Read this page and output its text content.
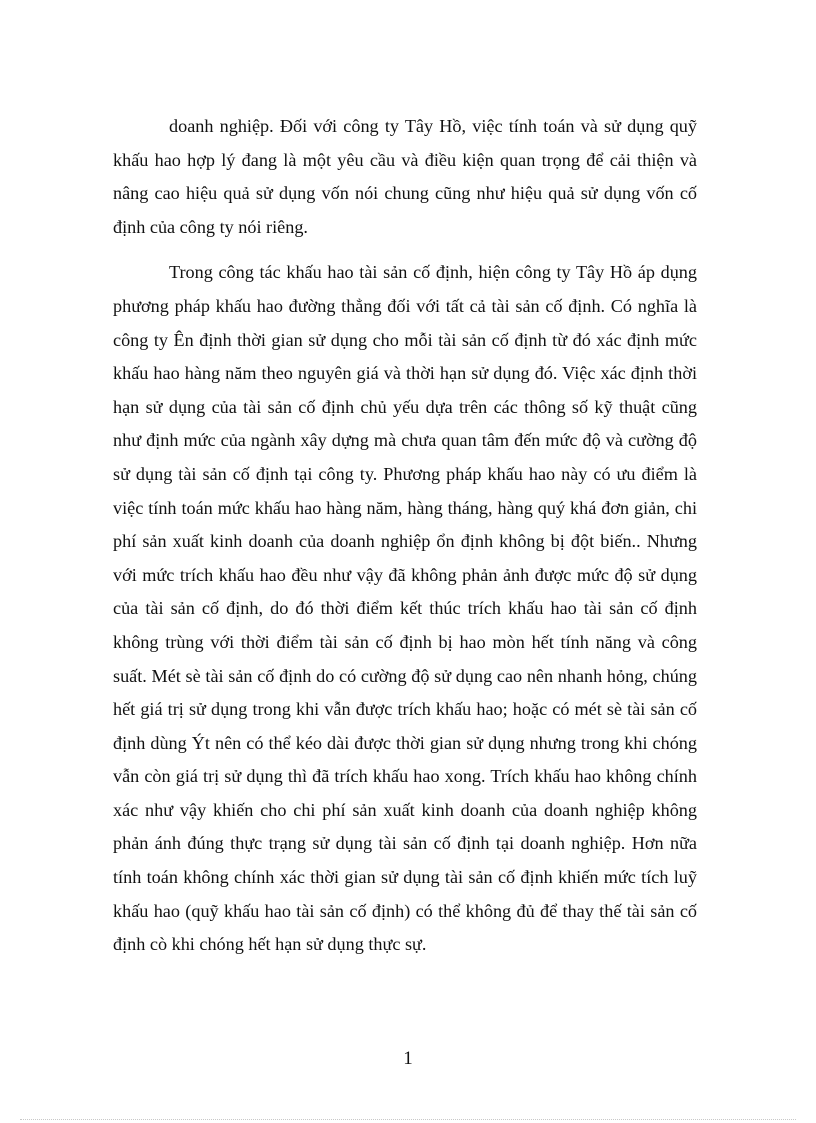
doanh nghiệp. Đối với công ty Tây Hồ, việc tính toán và sử dụng quỹ khấu hao hợp lý đang là một yêu cầu và điều kiện quan trọng để cải thiện và nâng cao hiệu quả sử dụng vốn nói chung cũng như hiệu quả sử dụng vốn cố định của công ty nói riêng.

Trong công tác khấu hao tài sản cố định, hiện công ty Tây Hồ áp dụng phương pháp khấu hao đường thẳng đối với tất cả tài sản cố định. Có nghĩa là công ty Ên định thời gian sử dụng cho mỗi tài sản cố định từ đó xác định mức khấu hao hàng năm theo nguyên giá và thời hạn sử dụng đó. Việc xác định thời hạn sử dụng của tài sản cố định chủ yếu dựa trên các thông số kỹ thuật cũng như định mức của ngành xây dựng mà chưa quan tâm đến mức độ và cường độ sử dụng tài sản cố định tại công ty. Phương pháp khấu hao này có ưu điểm là việc tính toán mức khấu hao hàng năm, hàng tháng, hàng quý khá đơn giản, chi phí sản xuất kinh doanh của doanh nghiệp ổn định không bị đột biến.. Nhưng với mức trích khấu hao đều như vậy đã không phản ảnh được mức độ sử dụng của tài sản cố định, do đó thời điểm kết thúc trích khấu hao tài sản cố định không trùng với thời điểm tài sản cố định bị hao mòn hết tính năng và công suất. Mét sè tài sản cố định do có cường độ sử dụng cao nên nhanh hỏng, chúng hết giá trị sử dụng trong khi vẫn được trích khấu hao; hoặc có mét sè tài sản cố định dùng Ýt nên có thể kéo dài được thời gian sử dụng nhưng trong khi chóng vẫn còn giá trị sử dụng thì đã trích khấu hao xong. Trích khấu hao không chính xác như vậy khiến cho chi phí sản xuất kinh doanh của doanh nghiệp không phản ánh đúng thực trạng sử dụng tài sản cố định tại doanh nghiệp. Hơn nữa tính toán không chính xác thời gian sử dụng tài sản cố định khiến mức tích luỹ khấu hao (quỹ khấu hao tài sản cố định) có thể không đủ để thay thế tài sản cố định cò khi chóng hết hạn sử dụng thực sự.

1
